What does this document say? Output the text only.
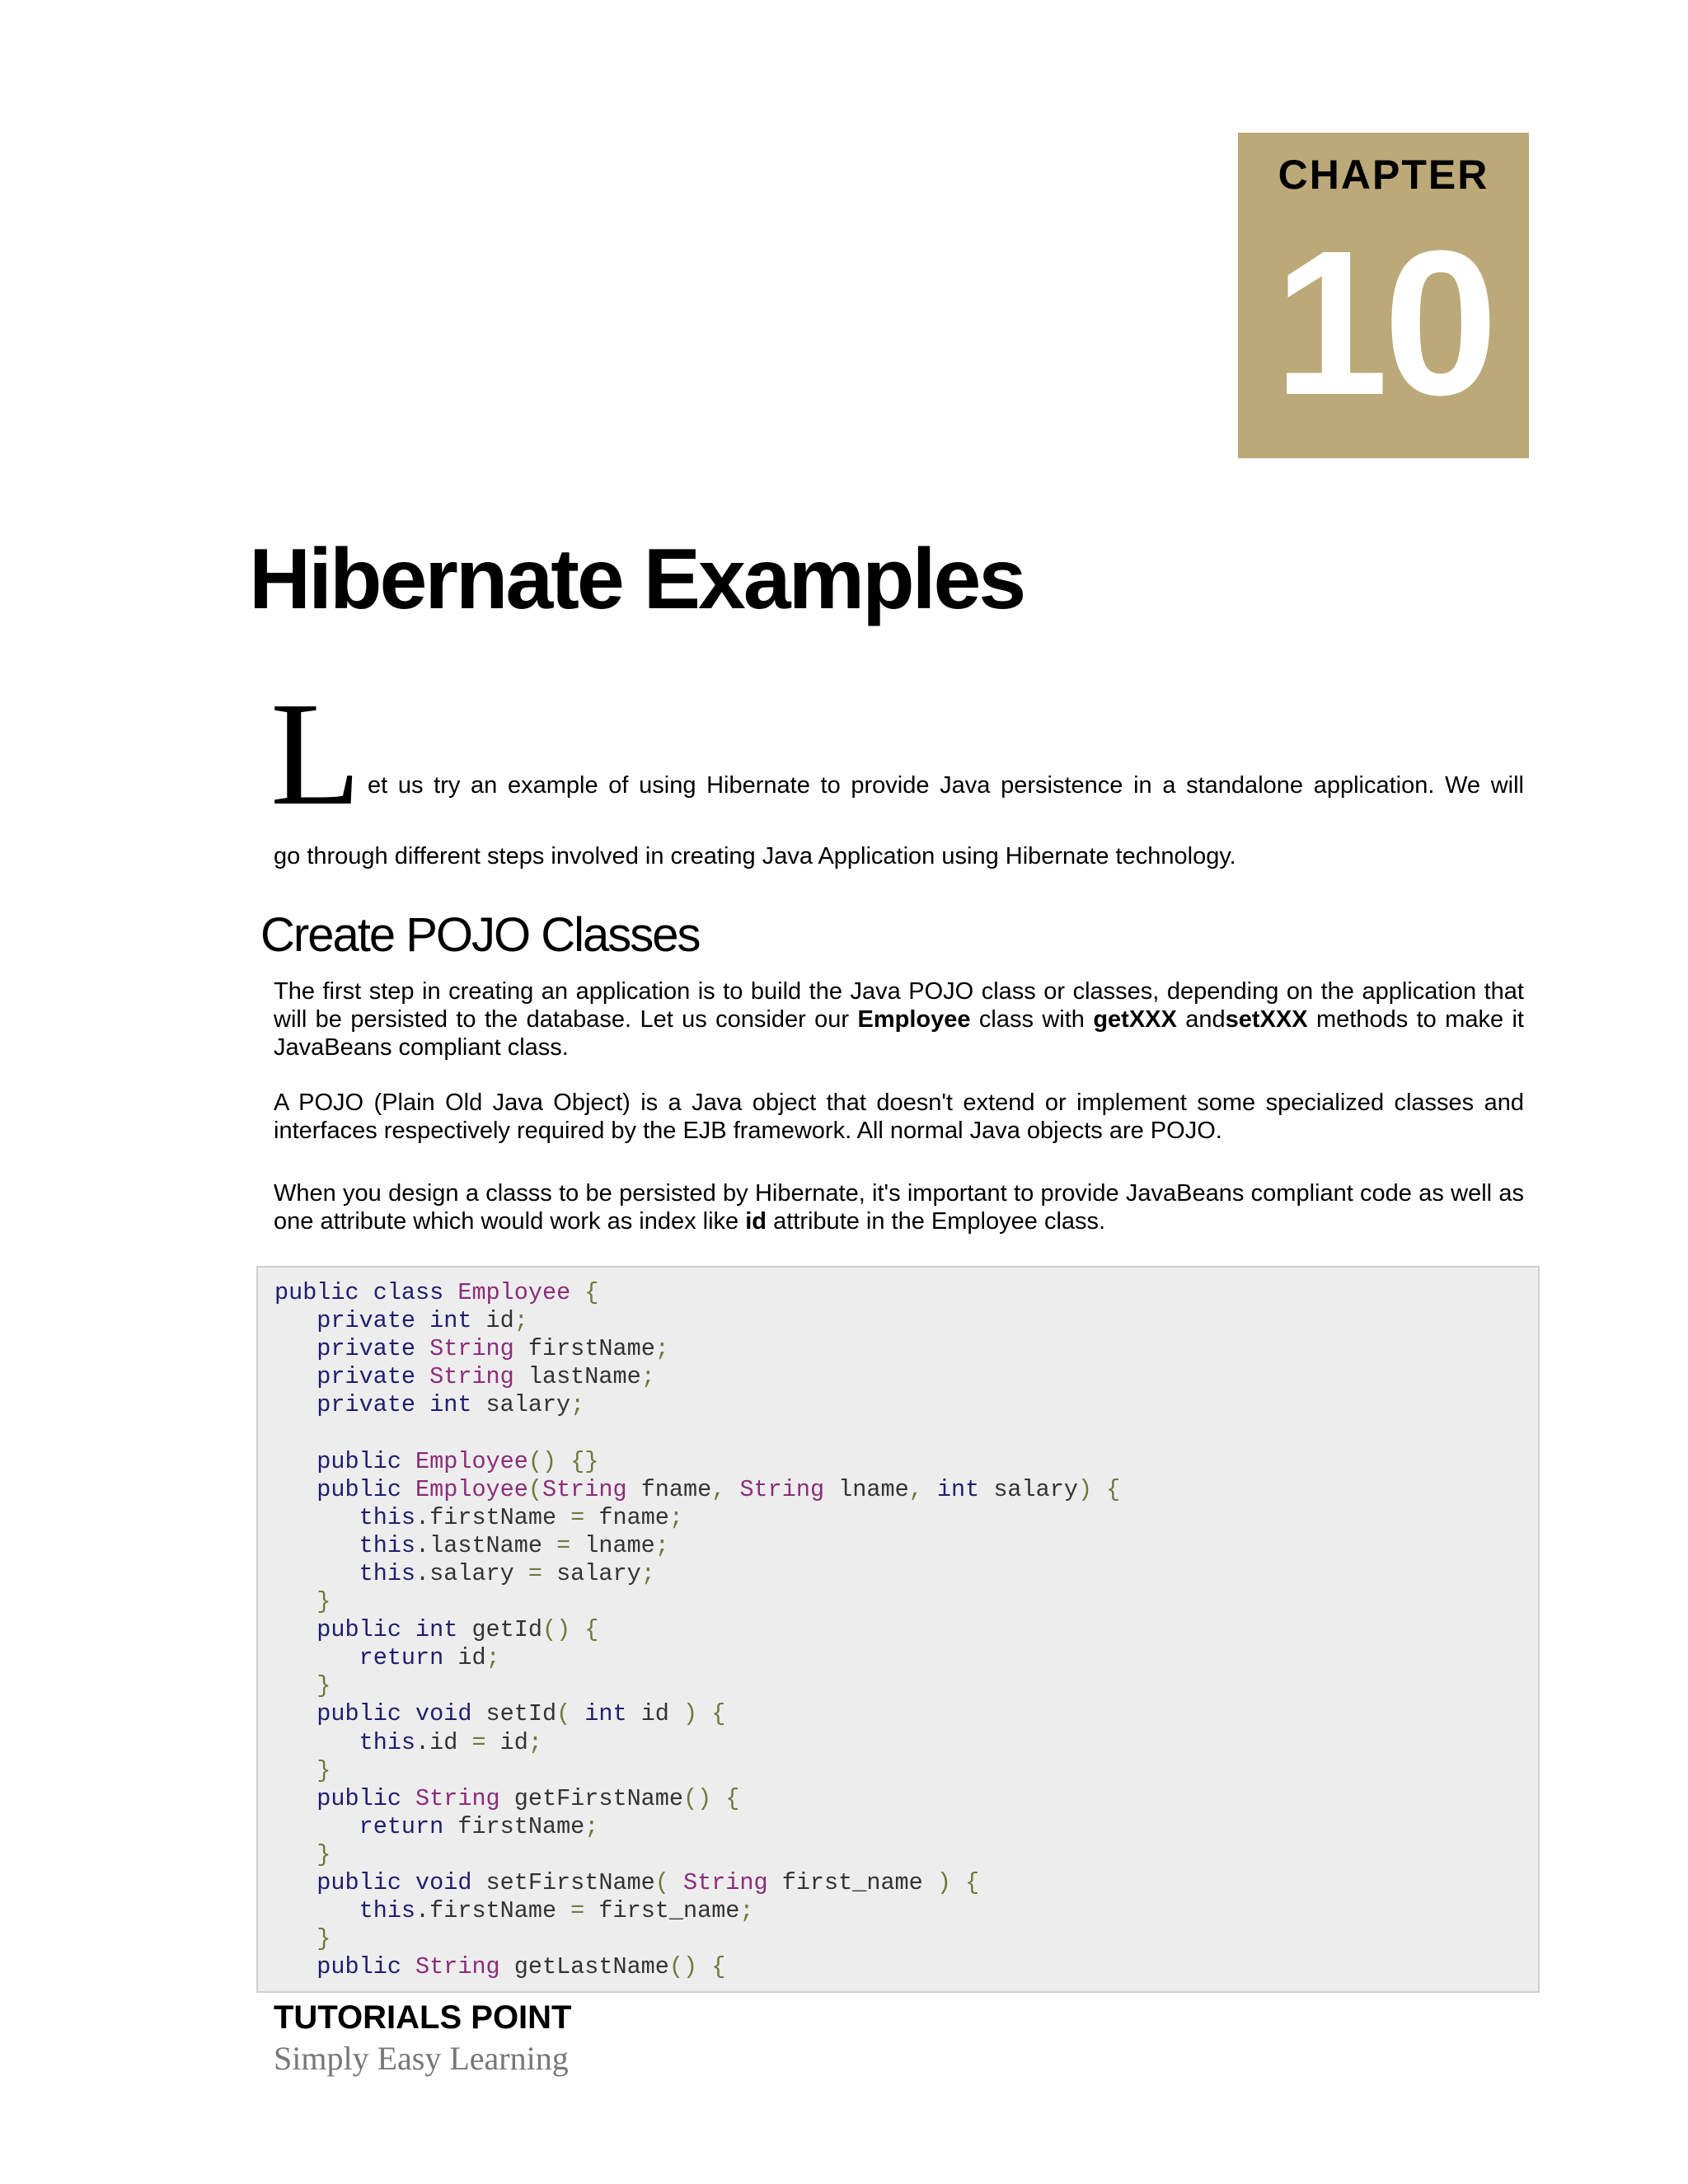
CHAPTER
10
Hibernate Examples
L et us try an example of using Hibernate to provide Java persistence in a standalone application. We will
go through different steps involved in creating Java Application using Hibernate technology.
Create POJO Classes

The first step in creating an application is to build the Java POJO class or classes, depending on the application that will be persisted to the database. Let us consider our Employee class with getXXX andsetXXX methods to make it JavaBeans compliant class.

A POJO (Plain Old Java Object) is a Java object that doesn't extend or implement some specialized classes and interfaces respectively required by the EJB framework. All normal Java objects are POJO.

When you design a classs to be persisted by Hibernate, it's important to provide JavaBeans compliant code as well as one attribute which would work as index like id attribute in the Employee class.

public class Employee {
private int id;
private String firstName;
private String lastName;
private int salary;
public Employee() {}
public Employee(String fname, String lname, int salary) {
this.firstName = fname;
this.lastName = lname;
this.salary = salary;
}
public int getId() {
return id;
}
public void setId( int id ) {
this.id = id;
}
public String getFirstName() {
return firstName;
}
public void setFirstName( String first_name ) {
this.firstName = first_name;
}
public String getLastName() {
TUTORIALS POINT
Simply Easy Learning
